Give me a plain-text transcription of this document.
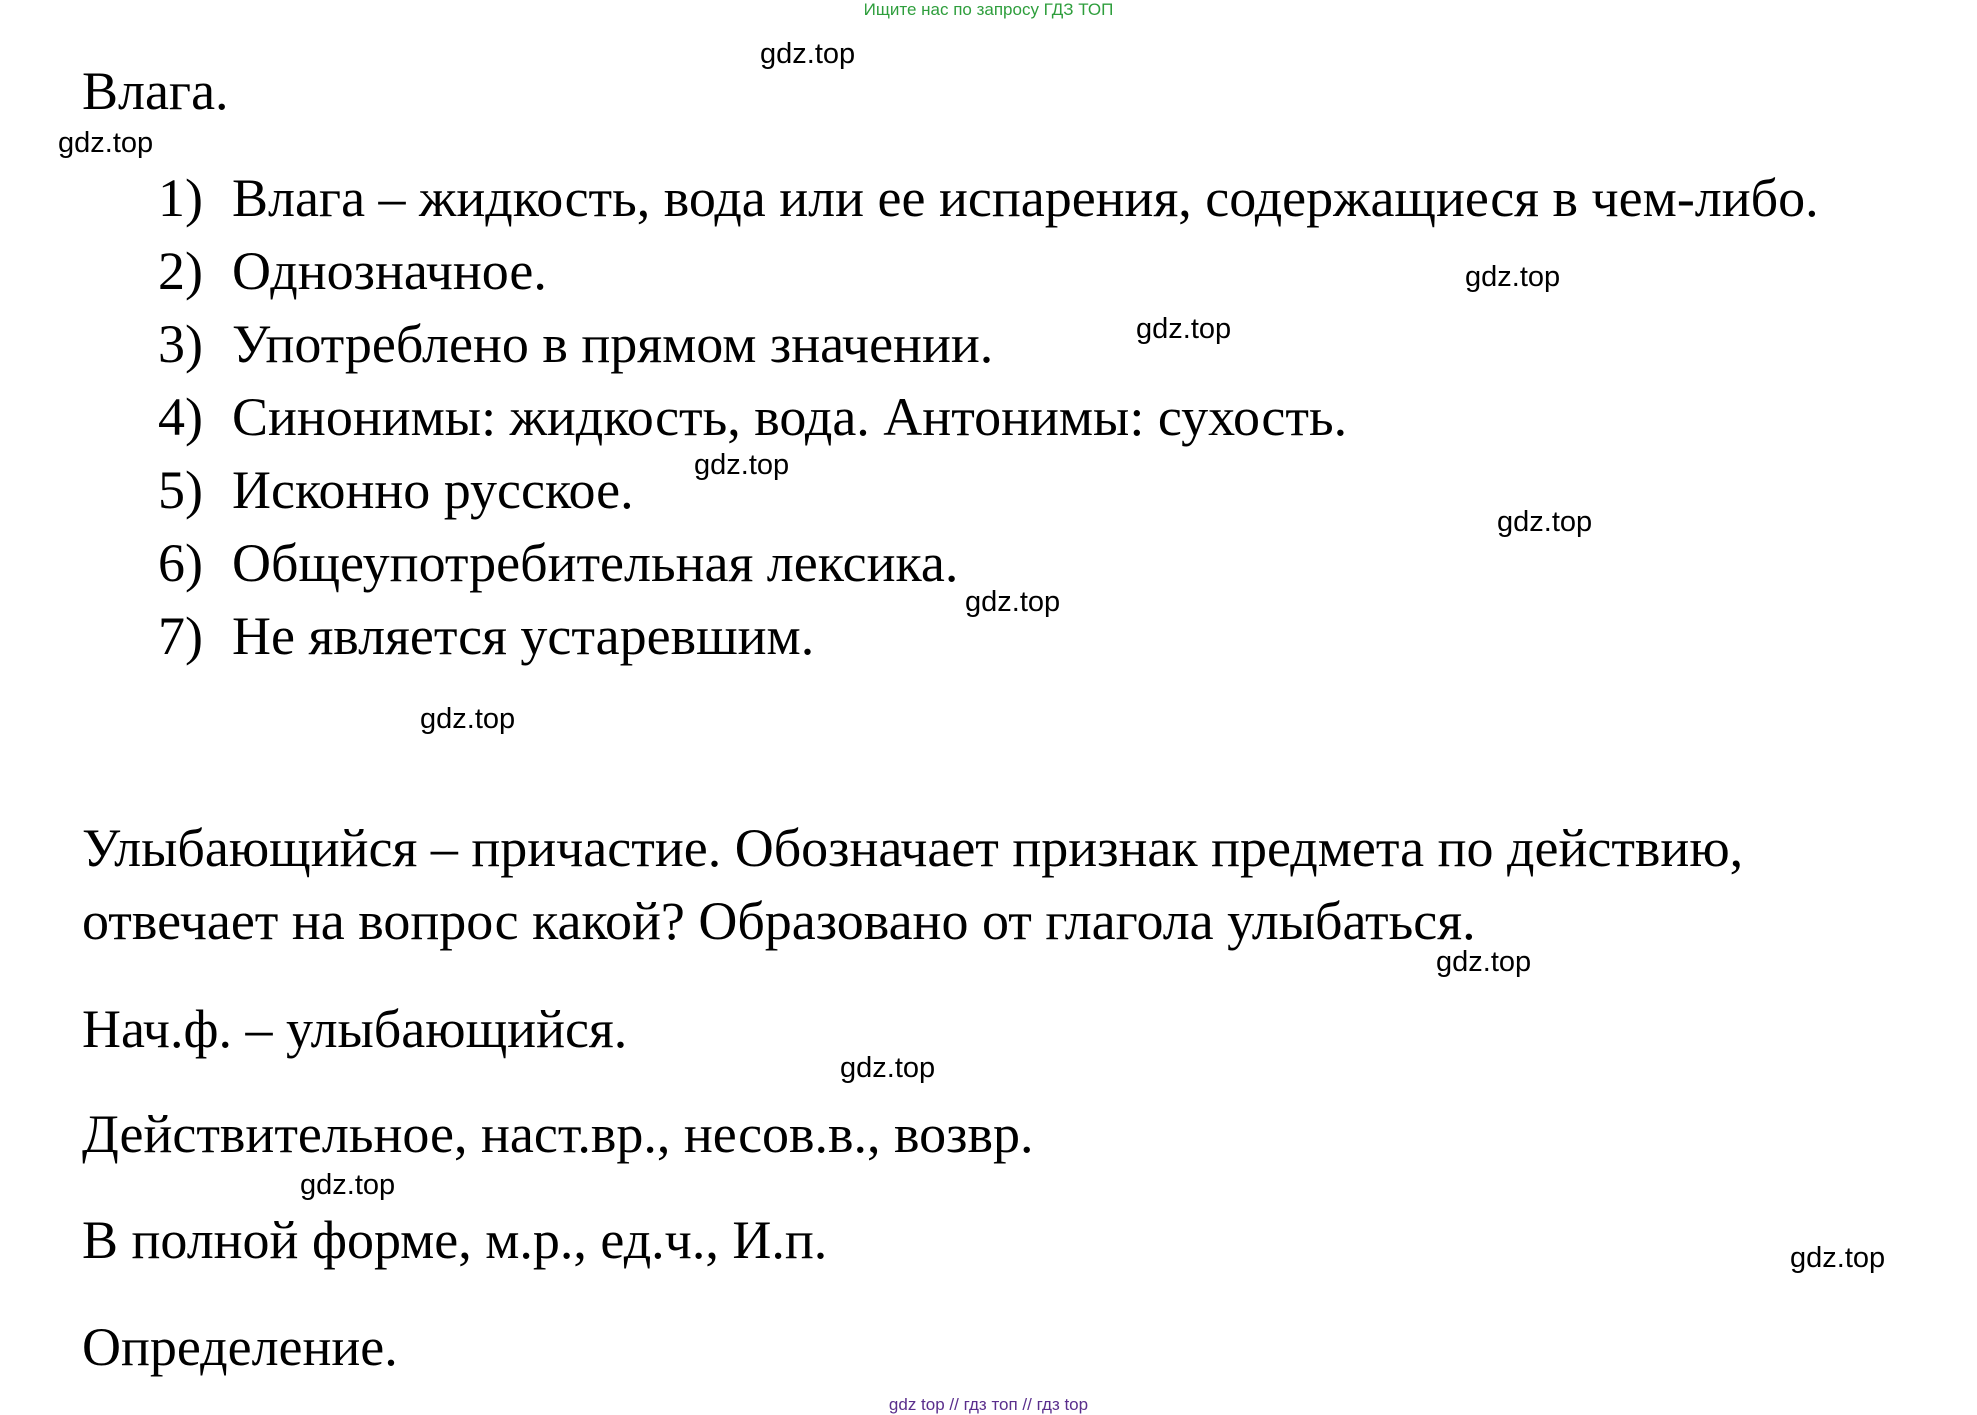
Ищите нас по запросу ГДЗ ТОП
Влага.
1) Влага – жидкость, вода или ее испарения, содержащиеся в чем-либо.
2) Однозначное.
3) Употреблено в прямом значении.
4) Синонимы: жидкость, вода. Антонимы: сухость.
5) Исконно русское.
6) Общеупотребительная лексика.
7) Не является устаревшим.
Улыбающийся – причастие. Обозначает признак предмета по действию,
отвечает на вопрос какой? Образовано от глагола улыбаться.
Нач.ф. – улыбающийся.
Действительное, наст.вр., несов.в., возвр.
В полной форме, м.р., ед.ч., И.п.
Определение.
gdz.top
gdz.top
gdz.top
gdz.top
gdz.top
gdz.top
gdz.top
gdz.top
gdz.top
gdz.top
gdz.top
gdz.top
gdz top // гдз топ // гдз top
